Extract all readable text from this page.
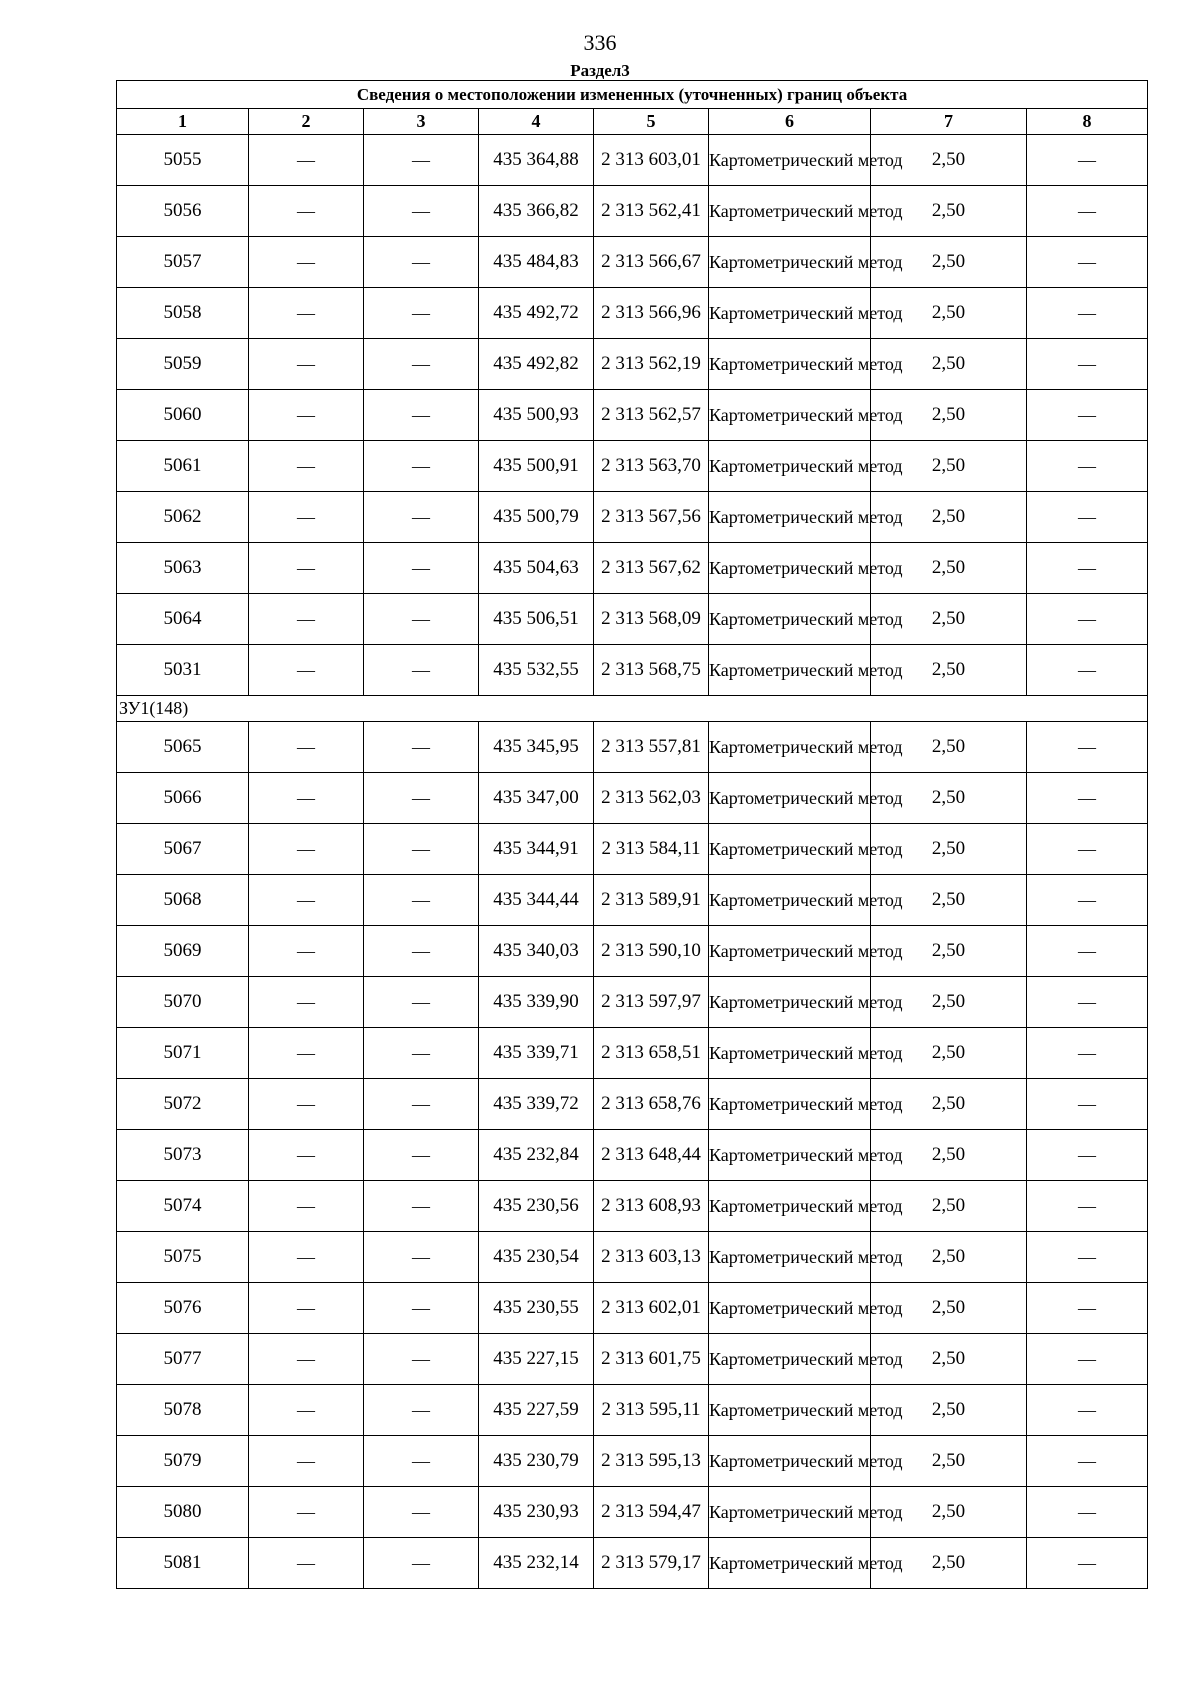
336
Раздел3
Сведения о местоположении измененных (уточненных) границ объекта							
1	2	3	4	5	6	7	8
5055	—	—	435 364,88	2 313 603,01	Картометрический метод	2,50	—
5056	—	—	435 366,82	2 313 562,41	Картометрический метод	2,50	—
5057	—	—	435 484,83	2 313 566,67	Картометрический метод	2,50	—
5058	—	—	435 492,72	2 313 566,96	Картометрический метод	2,50	—
5059	—	—	435 492,82	2 313 562,19	Картометрический метод	2,50	—
5060	—	—	435 500,93	2 313 562,57	Картометрический метод	2,50	—
5061	—	—	435 500,91	2 313 563,70	Картометрический метод	2,50	—
5062	—	—	435 500,79	2 313 567,56	Картометрический метод	2,50	—
5063	—	—	435 504,63	2 313 567,62	Картометрический метод	2,50	—
5064	—	—	435 506,51	2 313 568,09	Картометрический метод	2,50	—
5031	—	—	435 532,55	2 313 568,75	Картометрический метод	2,50	—
ЗУ1(148)							
5065	—	—	435 345,95	2 313 557,81	Картометрический метод	2,50	—
5066	—	—	435 347,00	2 313 562,03	Картометрический метод	2,50	—
5067	—	—	435 344,91	2 313 584,11	Картометрический метод	2,50	—
5068	—	—	435 344,44	2 313 589,91	Картометрический метод	2,50	—
5069	—	—	435 340,03	2 313 590,10	Картометрический метод	2,50	—
5070	—	—	435 339,90	2 313 597,97	Картометрический метод	2,50	—
5071	—	—	435 339,71	2 313 658,51	Картометрический метод	2,50	—
5072	—	—	435 339,72	2 313 658,76	Картометрический метод	2,50	—
5073	—	—	435 232,84	2 313 648,44	Картометрический метод	2,50	—
5074	—	—	435 230,56	2 313 608,93	Картометрический метод	2,50	—
5075	—	—	435 230,54	2 313 603,13	Картометрический метод	2,50	—
5076	—	—	435 230,55	2 313 602,01	Картометрический метод	2,50	—
5077	—	—	435 227,15	2 313 601,75	Картометрический метод	2,50	—
5078	—	—	435 227,59	2 313 595,11	Картометрический метод	2,50	—
5079	—	—	435 230,79	2 313 595,13	Картометрический метод	2,50	—
5080	—	—	435 230,93	2 313 594,47	Картометрический метод	2,50	—
5081	—	—	435 232,14	2 313 579,17	Картометрический метод	2,50	—
